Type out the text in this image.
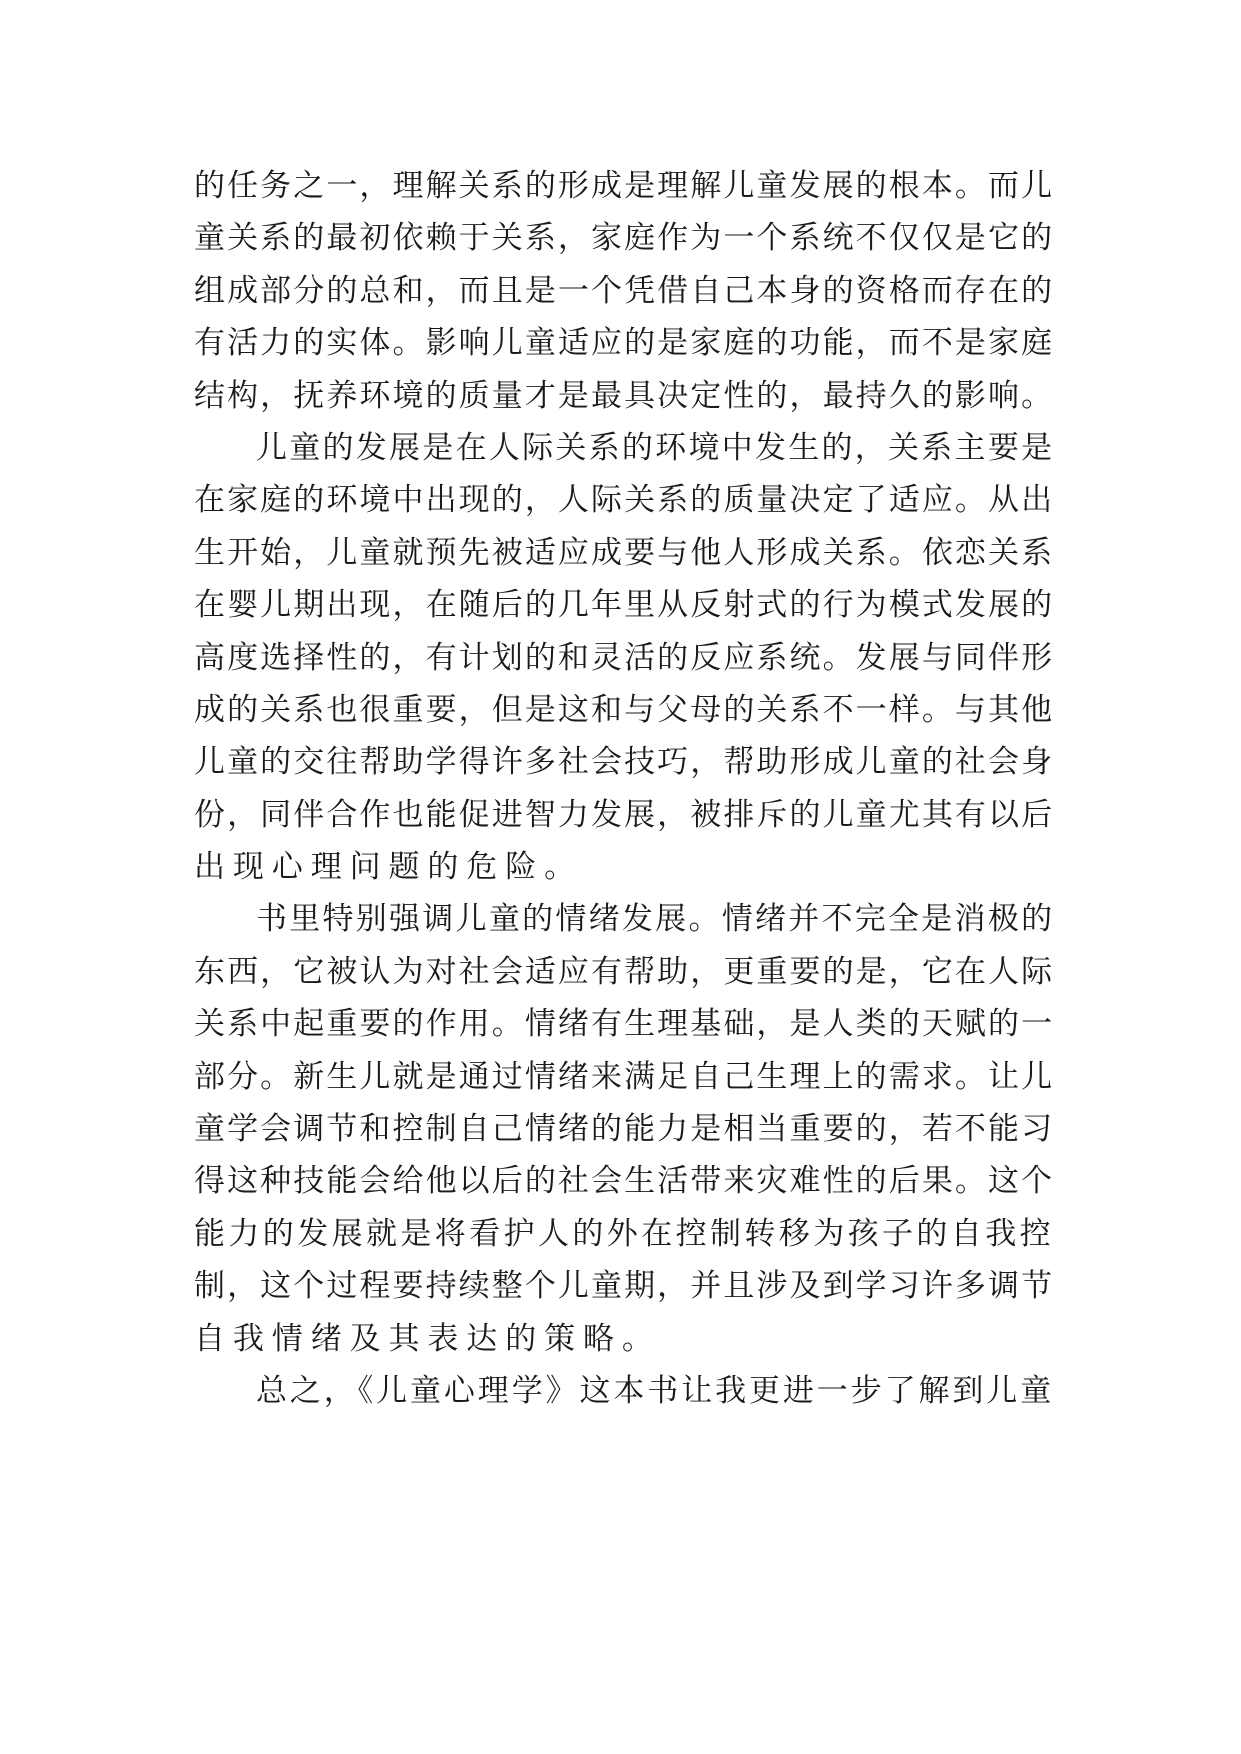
的任务之一，理解关系的形成是理解儿童发展的根本。而儿
童关系的最初依赖于关系，家庭作为一个系统不仅仅是它的
组成部分的总和，而且是一个凭借自己本身的资格而存在的
有活力的实体。影响儿童适应的是家庭的功能，而不是家庭
结构，抚养环境的质量才是最具决定性的，最持久的影响。
儿童的发展是在人际关系的环境中发生的，关系主要是
在家庭的环境中出现的，人际关系的质量决定了适应。从出
生开始，儿童就预先被适应成要与他人形成关系。依恋关系
在婴儿期出现，在随后的几年里从反射式的行为模式发展的
高度选择性的，有计划的和灵活的反应系统。发展与同伴形
成的关系也很重要，但是这和与父母的关系不一样。与其他
儿童的交往帮助学得许多社会技巧，帮助形成儿童的社会身
份，同伴合作也能促进智力发展，被排斥的儿童尤其有以后
出现心理问题的危险。
书里特别强调儿童的情绪发展。情绪并不完全是消极的
东西，它被认为对社会适应有帮助，更重要的是，它在人际
关系中起重要的作用。情绪有生理基础，是人类的天赋的一
部分。新生儿就是通过情绪来满足自己生理上的需求。让儿
童学会调节和控制自己情绪的能力是相当重要的，若不能习
得这种技能会给他以后的社会生活带来灾难性的后果。这个
能力的发展就是将看护人的外在控制转移为孩子的自我控
制，这个过程要持续整个儿童期，并且涉及到学习许多调节
自我情绪及其表达的策略。
总之，《儿童心理学》这本书让我更进一步了解到儿童
